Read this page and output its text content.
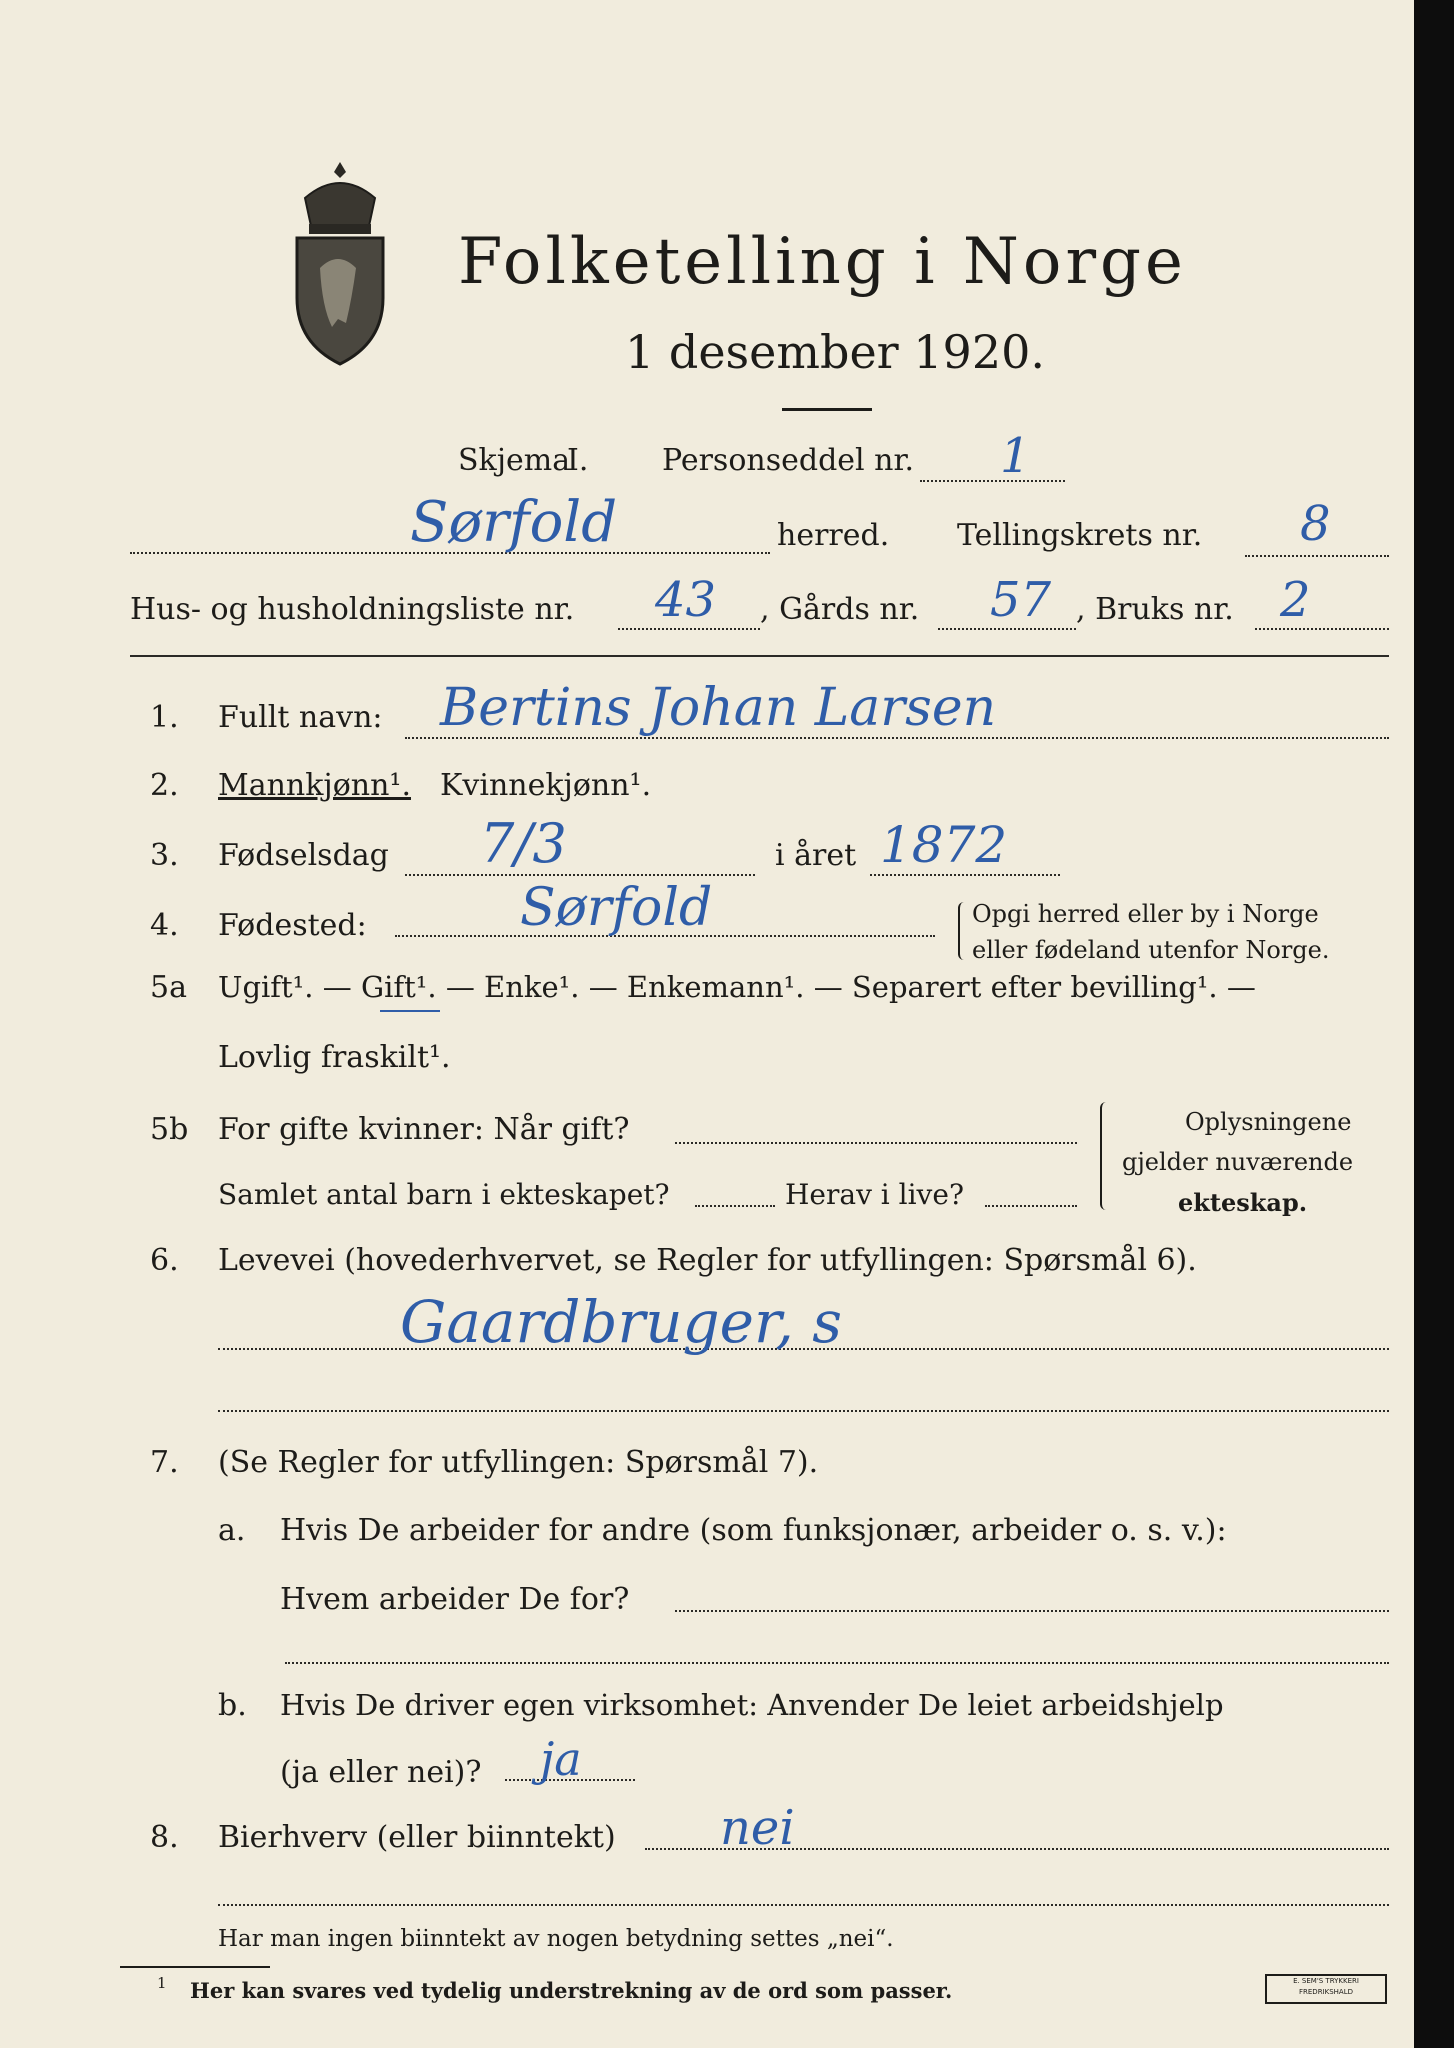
Folketelling i Norge
1 desember 1920.
Skjema
I. Personseddel nr. 1
Sørfold	herred. Tellingskrets nr. 8
Hus- og husholdningsliste nr. 43 , Gårds nr. 57 , Bruks nr. 2
1. Fullt navn: Bertins Johan Larsen
2. Mannkjønn¹. Kvinnekjønn¹.
3. Fødselsdag 7/3	i året 1872
4. Fødested:	Sørfold	Opgi herred eller by i Norge
eller fødeland utenfor Norge.
5a Ugift¹. — Gift¹. — Enke¹. — Enkemann¹. — Separert efter bevilling¹. —
Lovlig fraskilt¹.
5b For gifte kvinner: Når gift?
Samlet antal barn i ekteskapet?	Herav i live?
Oplysningene
gjelder nuværende
ekteskap.
6. Levevei (hovederhvervet, se Regler for utfyllingen: Spørsmål 6).
Gaardbruger, s
7. (Se Regler for utfyllingen: Spørsmål 7).
a. Hvis De arbeider for andre (som funksjonær, arbeider o. s. v.):
Hvem arbeider De for?
b. Hvis De driver egen virksomhet: Anvender De leiet arbeidshjelp
(ja eller nei)? ja
8. Bierhverv (eller biinntekt) nei
Har man ingen biinntekt av nogen betydning settes „nei“.
1 Her kan svares ved tydelig understrekning av de ord som passer.	E. SEM'S TRYKKERI
FREDRIKSHALD
